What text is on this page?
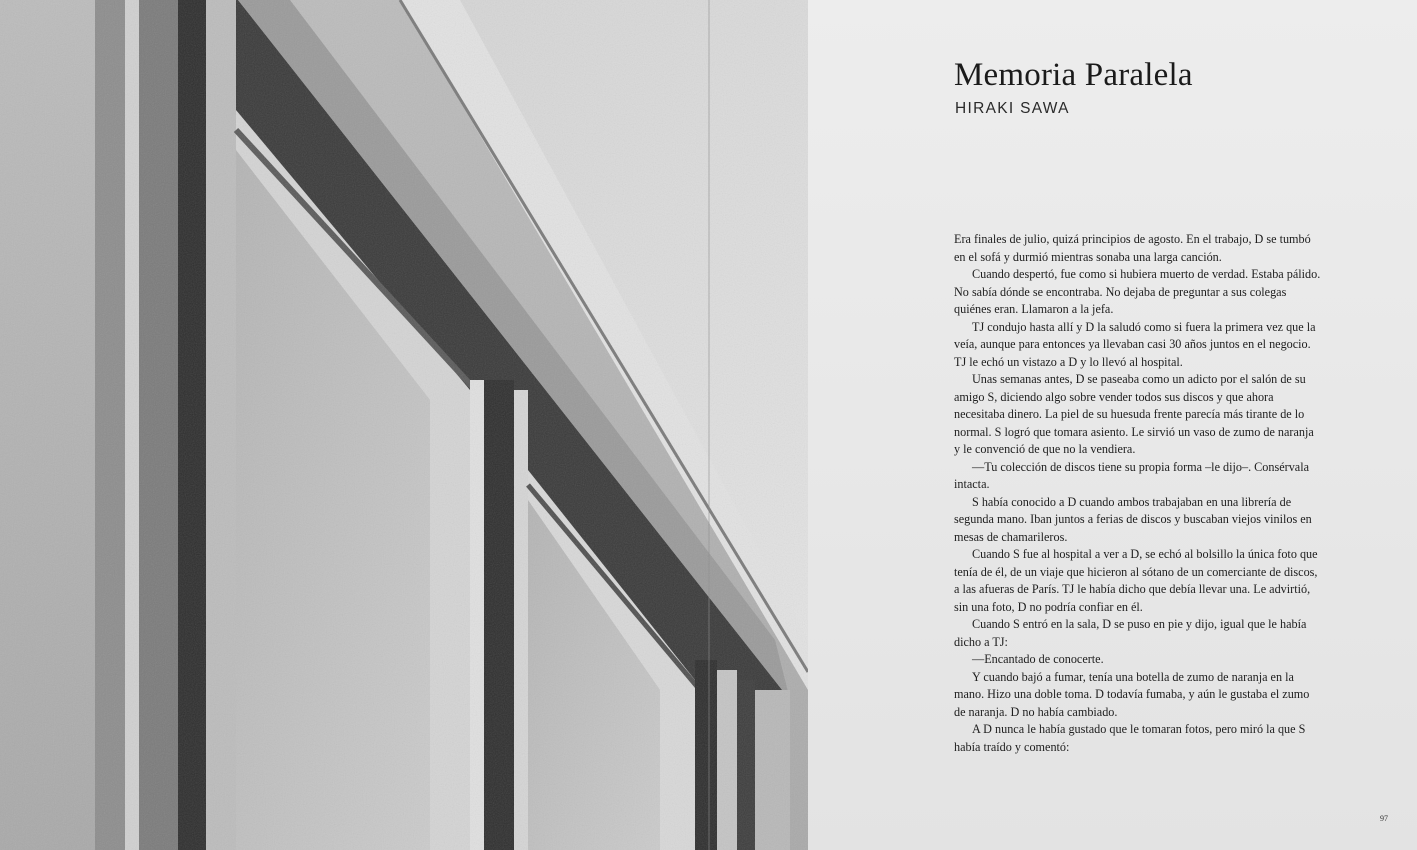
Memoria Paralela

HIRAKI SAWA

Era finales de julio, quizá principios de agosto. En el trabajo, D se tumbó
en el sofá y durmió mientras sonaba una larga canción.
Cuando despertó, fue como si hubiera muerto de verdad. Estaba pálido.
No sabía dónde se encontraba. No dejaba de preguntar a sus colegas
quiénes eran. Llamaron a la jefa.
TJ condujo hasta allí y D la saludó como si fuera la primera vez que la
veía, aunque para entonces ya llevaban casi 30 años juntos en el negocio.
TJ le echó un vistazo a D y lo llevó al hospital.
Unas semanas antes, D se paseaba como un adicto por el salón de su
amigo S, diciendo algo sobre vender todos sus discos y que ahora
necesitaba dinero. La piel de su huesuda frente parecía más tirante de lo
normal. S logró que tomara asiento. Le sirvió un vaso de zumo de naranja
y le convenció de que no la vendiera.
—Tu colección de discos tiene su propia forma –le dijo–. Consérvala
intacta.
S había conocido a D cuando ambos trabajaban en una librería de
segunda mano. Iban juntos a ferias de discos y buscaban viejos vinilos en
mesas de chamarileros.
Cuando S fue al hospital a ver a D, se echó al bolsillo la única foto que
tenía de él, de un viaje que hicieron al sótano de un comerciante de discos,
a las afueras de París. TJ le había dicho que debía llevar una. Le advirtió,
sin una foto, D no podría confiar en él.
Cuando S entró en la sala, D se puso en pie y dijo, igual que le había
dicho a TJ:
—Encantado de conocerte.
Y cuando bajó a fumar, tenía una botella de zumo de naranja en la
mano. Hizo una doble toma. D todavía fumaba, y aún le gustaba el zumo
de naranja. D no había cambiado.
A D nunca le había gustado que le tomaran fotos, pero miró la que S
había traído y comentó:
97
